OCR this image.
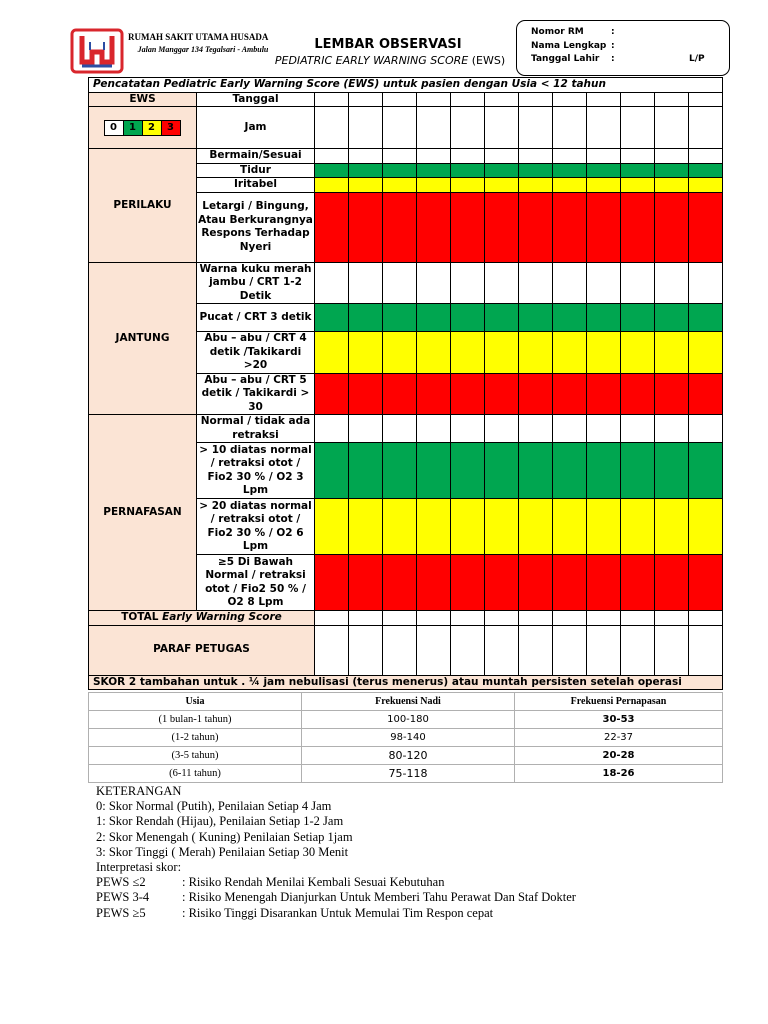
RUMAH SAKIT UTAMA HUSADA
Jalan Manggar 134 Tegalsari - Ambulu	LEMBAR OBSERVASI
PEDIATRIC EARLY WARNING SCORE (EWS)
Nomor RM	:
Nama Lengkap :
Tanggal Lahir :	L/P
Pencatatan Pediatric Early Warning Score (EWS) untuk pasien dengan Usia < 12 tahun													
EWS	Tanggal												

0 1 2 3	Jam												
PERILAKU	Bermain/Sesuai												
	Tidur												
	Iritabel												
	Letargi / Bingung, Atau Berkurangnya Respons Terhadap Nyeri												
JANTUNG	Warna kuku merah jambu / CRT 1-2 Detik												
	Pucat / CRT 3 detik												
	Abu – abu / CRT 4 detik /Takikardi >20												
	Abu – abu / CRT 5 detik / Takikardi > 30												
PERNAFASAN	Normal / tidak ada retraksi												
	> 10 diatas normal / retraksi otot / Fio2 30 % / O2 3 Lpm												
	> 20 diatas normal / retraksi otot / Fio2 30 % / O2 6 Lpm												
	≥5 Di Bawah Normal / retraksi otot / Fio2 50 % / O2 8 Lpm												
TOTAL Early Warning Score													
PARAF PETUGAS													
SKOR 2 tambahan untuk . ¼ jam nebulisasi (terus menerus) atau muntah persisten setelah operasi													
Usia	Frekuensi Nadi	Frekuensi Pernapasan
(1 bulan-1 tahun)	100-180	30-53
(1-2 tahun)	98-140	22-37
(3-5 tahun)	80-120	20-28
(6-11 tahun)	75-118	18-26
KETERANGAN
0: Skor Normal (Putih), Penilaian Setiap 4 Jam
1: Skor Rendah (Hijau), Penilaian Setiap 1-2 Jam
2: Skor Menengah ( Kuning) Penilaian Setiap 1jam
3: Skor Tinggi ( Merah) Penilaian Setiap 30 Menit
Interpretasi skor:
PEWS ≤2	: Risiko Rendah Menilai Kembali Sesuai Kebutuhan
PEWS 3-4	: Risiko Menengah Dianjurkan Untuk Memberi Tahu Perawat Dan Staf Dokter
PEWS ≥5	: Risiko Tinggi Disarankan Untuk Memulai Tim Respon cepat
